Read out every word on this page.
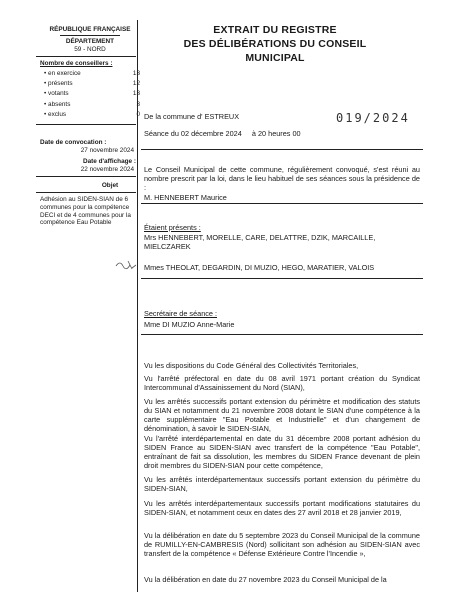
RÉPUBLIQUE FRANÇAISE
DÉPARTEMENT
59 - NORD
Nombre de conseillers :
• en exercice	13
• présents	12
• votants	13
• absents	3
• exclus	0
Date de convocation :
27 novembre 2024
Date d'affichage :
22 novembre 2024
Objet
Adhésion au SIDEN-SIAN de 6 communes pour la compétence DECI et de 4 communes pour la compétence Eau Potable
EXTRAIT DU REGISTRE
DES DÉLIBÉRATIONS DU CONSEIL
MUNICIPAL
De la commune d' ESTREUX	019/2024
Séance du 02 décembre 2024     à 20 heures 00
Le Conseil Municipal de cette commune, régulièrement convoqué, s'est réuni au nombre prescrit par la loi, dans le lieu habituel de ses séances sous la présidence de :
M. HENNEBERT Maurice
Étaient présents :
Mrs HENNEBERT, MORELLE, CARE, DELATTRE, DZIK, MARCAILLE, MIELCZAREK
Mmes THEOLAT, DEGARDIN, DI MUZIO, HEGO, MARATIER, VALOIS
Secrétaire de séance :
Mme DI MUZIO Anne-Marie
Vu les dispositions du Code Général des Collectivités Territoriales,
Vu l'arrêté préfectoral en date du 08 avril 1971 portant création du Syndicat Intercommunal d'Assainissement du Nord (SIAN),
Vu les arrêtés successifs portant extension du périmètre et modification des statuts du SIAN et notamment du 21 novembre 2008 dotant le SIAN d'une compétence à la carte supplémentaire "Eau Potable et Industrielle" et d'un changement de dénomination, à savoir le SIDEN-SIAN,
Vu l'arrêté interdépartemental en date du 31 décembre 2008 portant adhésion du SIDEN France au SIDEN-SIAN avec transfert de la compétence "Eau Potable", entraînant de fait sa dissolution, les membres du SIDEN France devenant de plein droit membres du SIDEN-SIAN pour cette compétence,
Vu les arrêtés interdépartementaux successifs portant extension du périmètre du SIDEN-SIAN,
Vu les arrêtés interdépartementaux successifs portant modifications statutaires du SIDEN-SIAN, et notamment ceux en dates des 27 avril 2018 et 28 janvier 2019,
Vu la délibération en date du 5 septembre 2023 du Conseil Municipal de la commune de RUMILLY-EN-CAMBRESIS (Nord) sollicitant son adhésion au SIDEN-SIAN avec transfert de la compétence « Défense Extérieure Contre l'Incendie »,
Vu la délibération en date du 27 novembre 2023 du Conseil Municipal de la
